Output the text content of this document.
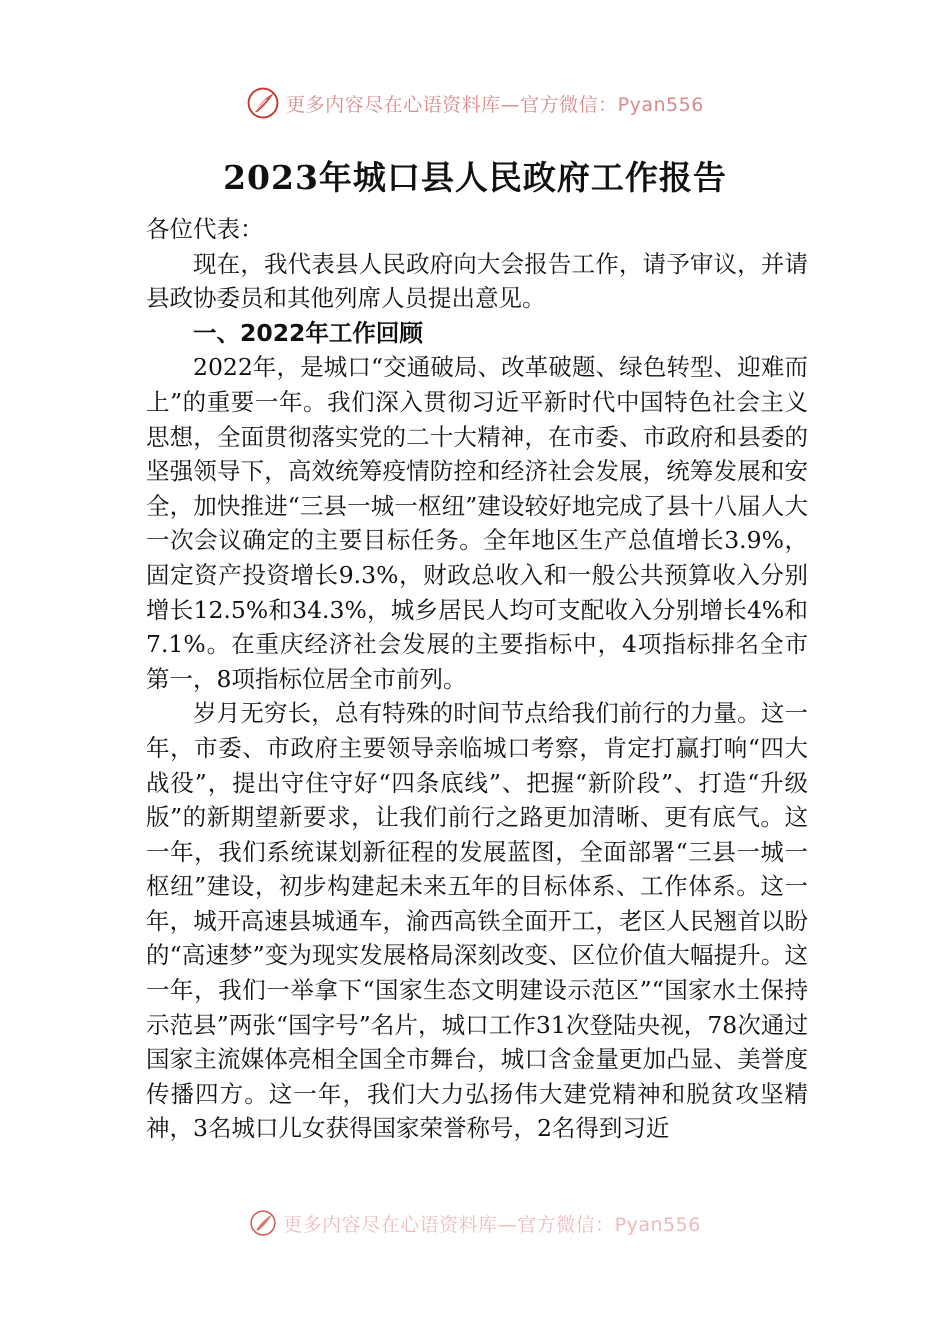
更多内容尽在心语资料库—官方微信：Pyan556
2023年城口县人民政府工作报告

各位代表：

现在，我代表县人民政府向大会报告工作，请予审议，并请县政协委员和其他列席人员提出意见。

一、2022年工作回顾

2022年，是城口“交通破局、改革破题、绿色转型、迎难而上”的重要一年。我们深入贯彻习近平新时代中国特色社会主义思想，全面贯彻落实党的二十大精神，在市委、市政府和县委的坚强领导下，高效统筹疫情防控和经济社会发展，统筹发展和安全，加快推进“三县一城一枢纽”建设较好地完成了县十八届人大一次会议确定的主要目标任务。全年地区生产总值增长3.9%，固定资产投资增长9.3%，财政总收入和一般公共预算收入分别增长12.5%和34.3%，城乡居民人均可支配收入分别增长4%和7.1%。在重庆经济社会发展的主要指标中，4项指标排名全市第一，8项指标位居全市前列。

岁月无穷长，总有特殊的时间节点给我们前行的力量。这一年，市委、市政府主要领导亲临城口考察，肯定打赢打响“四大战役”，提出守住守好“四条底线”、把握“新阶段”、打造“升级版”的新期望新要求，让我们前行之路更加清晰、更有底气。这一年，我们系统谋划新征程的发展蓝图，全面部署“三县一城一枢纽”建设，初步构建起未来五年的目标体系、工作体系。这一年，城开高速县城通车，渝西高铁全面开工，老区人民翘首以盼的“高速梦”变为现实发展格局深刻改变、区位价值大幅提升。这一年，我们一举拿下“国家生态文明建设示范区”“国家水土保持示范县”两张“国字号”名片，城口工作31次登陆央视，78次通过国家主流媒体亮相全国全市舞台，城口含金量更加凸显、美誉度传播四方。这一年，我们大力弘扬伟大建党精神和脱贫攻坚精神，3名城口儿女获得国家荣誉称号，2名得到习近

更多内容尽在心语资料库—官方微信：Pyan556
